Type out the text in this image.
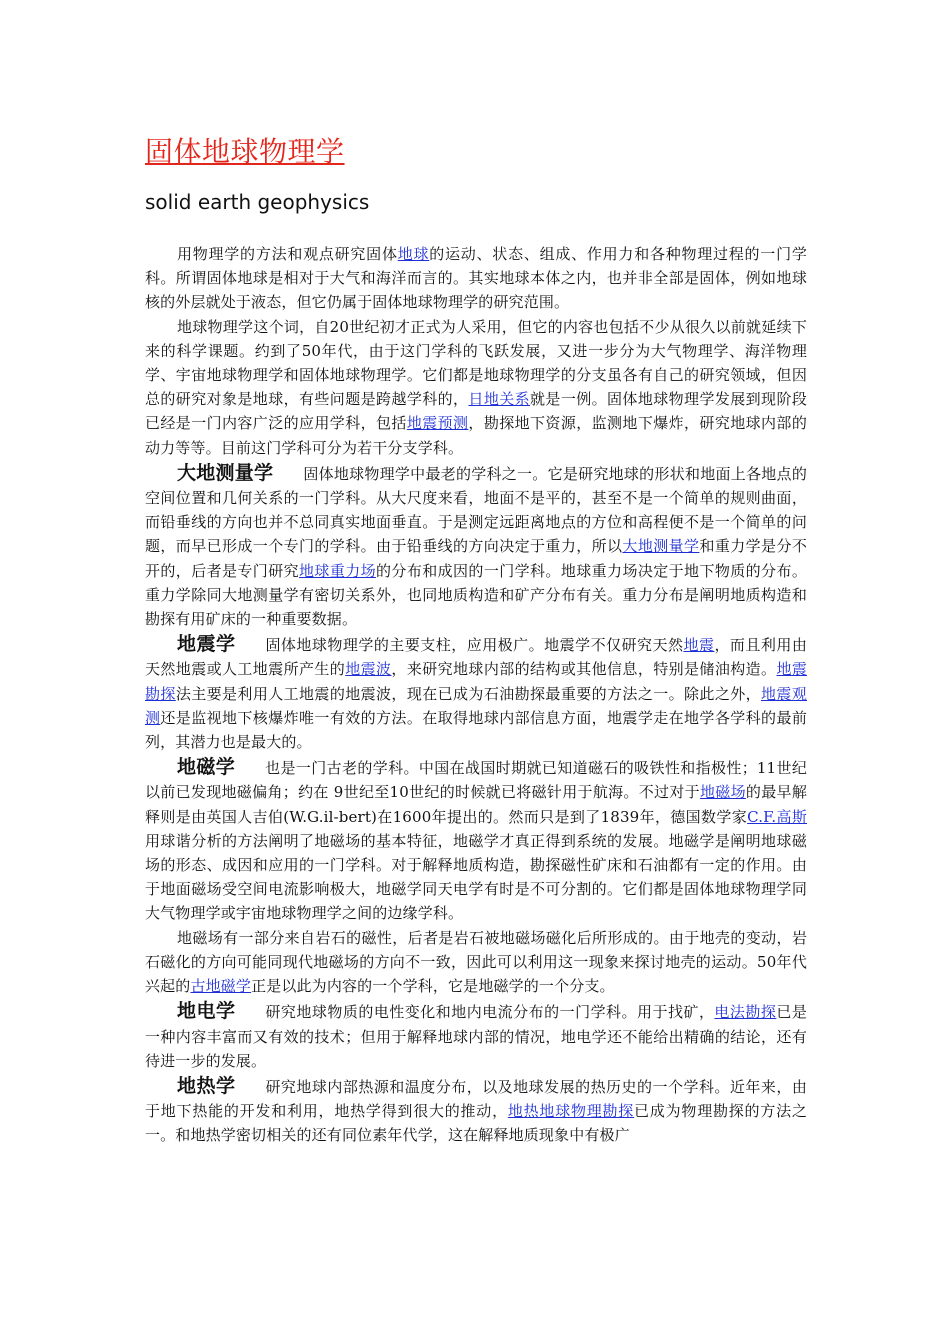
固体地球物理学
solid earth geophysics

用物理学的方法和观点研究固体地球的运动、状态、组成、作用力和各种物理过程的一门学科。所谓固体地球是相对于大气和海洋而言的。其实地球本体之内，也并非全部是固体，例如地球核的外层就处于液态，但它仍属于固体地球物理学的研究范围。

地球物理学这个词，自20世纪初才正式为人采用，但它的内容也包括不少从很久以前就延续下来的科学课题。约到了50年代，由于这门学科的飞跃发展，又进一步分为大气物理学、海洋物理学、宇宙地球物理学和固体地球物理学。它们都是地球物理学的分支虽各有自己的研究领域，但因总的研究对象是地球，有些问题是跨越学科的，日地关系就是一例。固体地球物理学发展到现阶段已经是一门内容广泛的应用学科，包括地震预测，勘探地下资源，监测地下爆炸，研究地球内部的动力等等。目前这门学科可分为若干分支学科。

大地测量学 固体地球物理学中最老的学科之一。它是研究地球的形状和地面上各地点的空间位置和几何关系的一门学科。从大尺度来看，地面不是平的，甚至不是一个简单的规则曲面，而铅垂线的方向也并不总同真实地面垂直。于是测定远距离地点的方位和高程便不是一个简单的问题，而早已形成一个专门的学科。由于铅垂线的方向决定于重力，所以大地测量学和重力学是分不开的，后者是专门研究地球重力场的分布和成因的一门学科。地球重力场决定于地下物质的分布。重力学除同大地测量学有密切关系外，也同地质构造和矿产分布有关。重力分布是阐明地质构造和勘探有用矿床的一种重要数据。

地震学 固体地球物理学的主要支柱，应用极广。地震学不仅研究天然地震，而且利用由天然地震或人工地震所产生的地震波，来研究地球内部的结构或其他信息，特别是储油构造。地震勘探法主要是利用人工地震的地震波，现在已成为石油勘探最重要的方法之一。除此之外，地震观测还是监视地下核爆炸唯一有效的方法。在取得地球内部信息方面，地震学走在地学各学科的最前列，其潜力也是最大的。

地磁学 也是一门古老的学科。中国在战国时期就已知道磁石的吸铁性和指极性；11世纪以前已发现地磁偏角；约在 9世纪至10世纪的时候就已将磁针用于航海。不过对于地磁场的最早解释则是由英国人吉伯(W.G.il-bert)在1600年提出的。然而只是到了1839年，德国数学家C.F.高斯用球谐分析的方法阐明了地磁场的基本特征，地磁学才真正得到系统的发展。地磁学是阐明地球磁场的形态、成因和应用的一门学科。对于解释地质构造，勘探磁性矿床和石油都有一定的作用。由于地面磁场受空间电流影响极大，地磁学同天电学有时是不可分割的。它们都是固体地球物理学同大气物理学或宇宙地球物理学之间的边缘学科。

地磁场有一部分来自岩石的磁性，后者是岩石被地磁场磁化后所形成的。由于地壳的变动，岩石磁化的方向可能同现代地磁场的方向不一致，因此可以利用这一现象来探讨地壳的运动。50年代兴起的古地磁学正是以此为内容的一个学科，它是地磁学的一个分支。

地电学 研究地球物质的电性变化和地内电流分布的一门学科。用于找矿，电法勘探已是一种内容丰富而又有效的技术；但用于解释地球内部的情况，地电学还不能给出精确的结论，还有待进一步的发展。

地热学 研究地球内部热源和温度分布，以及地球发展的热历史的一个学科。近年来，由于地下热能的开发和利用，地热学得到很大的推动，地热地球物理勘探已成为物理勘探的方法之一。和地热学密切相关的还有同位素年代学，这在解释地质现象中有极广
